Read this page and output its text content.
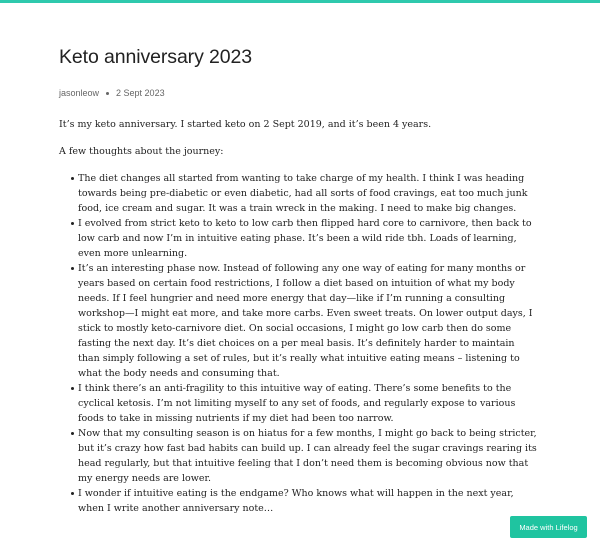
Keto anniversary 2023
jasonleow 2 Sept 2023

It’s my keto anniversary. I started keto on 2 Sept 2019, and it’s been 4 years.

A few thoughts about the journey:

The diet changes all started from wanting to take charge of my health. I think I was heading towards being pre-diabetic or even diabetic, had all sorts of food cravings, eat too much junk food, ice cream and sugar. It was a train wreck in the making. I need to make big changes.
I evolved from strict keto to keto to low carb then flipped hard core to carnivore, then back to low carb and now I’m in intuitive eating phase. It’s been a wild ride tbh. Loads of learning, even more unlearning.
It’s an interesting phase now. Instead of following any one way of eating for many months or years based on certain food restrictions, I follow a diet based on intuition of what my body needs. If I feel hungrier and need more energy that day—like if I’m running a consulting workshop—I might eat more, and take more carbs. Even sweet treats. On lower output days, I stick to mostly keto-carnivore diet. On social occasions, I might go low carb then do some fasting the next day. It’s diet choices on a per meal basis. It’s definitely harder to maintain than simply following a set of rules, but it’s really what intuitive eating means – listening to what the body needs and consuming that.
I think there’s an anti-fragility to this intuitive way of eating. There’s some benefits to the cyclical ketosis. I’m not limiting myself to any set of foods, and regularly expose to various foods to take in missing nutrients if my diet had been too narrow.
Now that my consulting season is on hiatus for a few months, I might go back to being stricter, but it’s crazy how fast bad habits can build up. I can already feel the sugar cravings rearing its head regularly, but that intuitive feeling that I don’t need them is becoming obvious now that my energy needs are lower.
I wonder if intuitive eating is the endgame? Who knows what will happen in the next year, when I write another anniversary note…
Made with Lifelog
